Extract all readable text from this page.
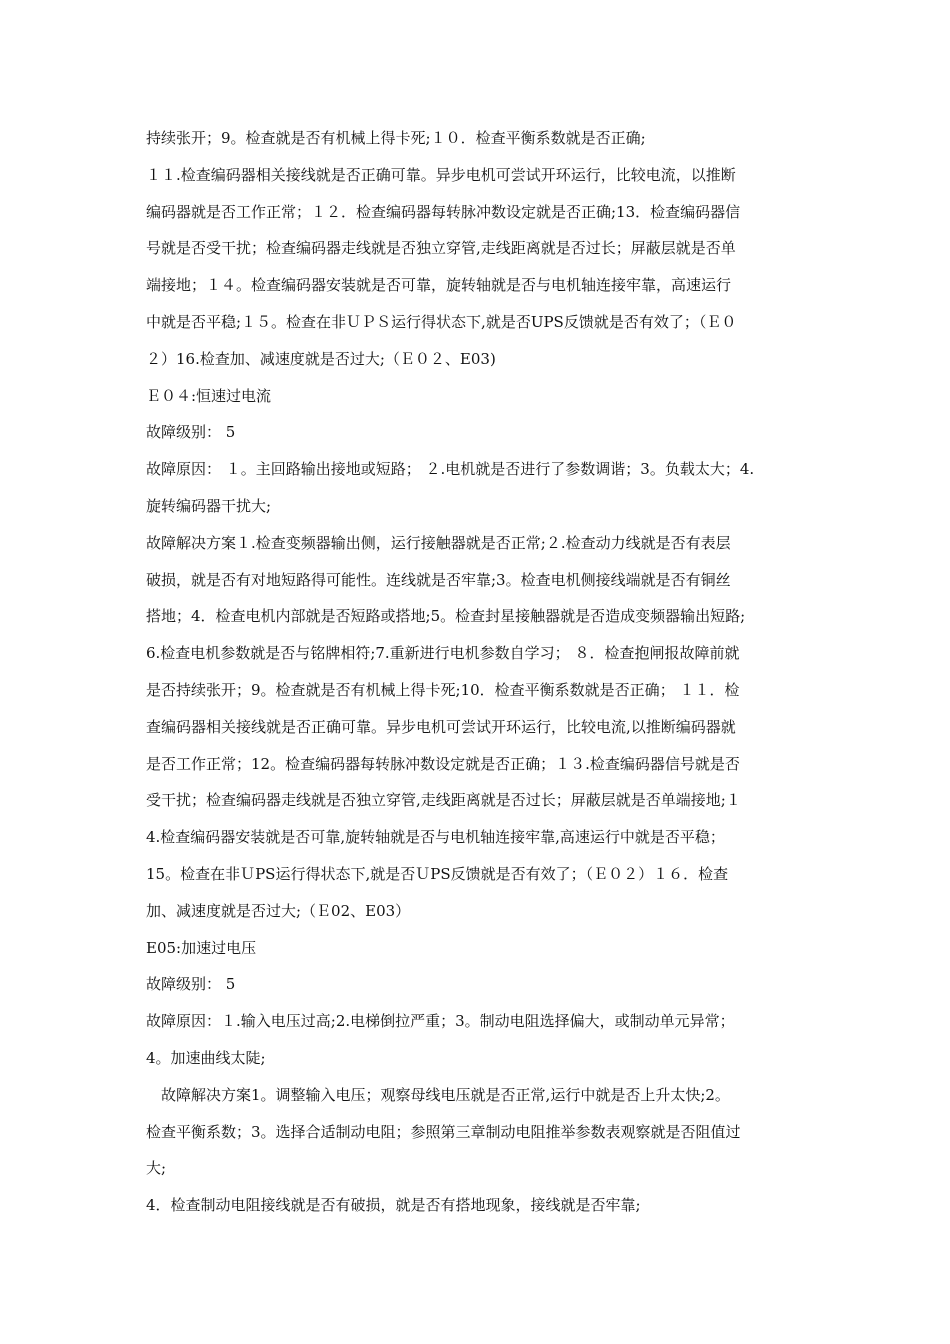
持续张开；9。检查就是否有机械上得卡死;１０．检查平衡系数就是否正确;
１１.检查编码器相关接线就是否正确可靠。异步电机可尝试开环运行，比较电流，以推断
编码器就是否工作正常；１２．检查编码器每转脉冲数设定就是否正确;13．检查编码器信
号就是否受干扰；检查编码器走线就是否独立穿管,走线距离就是否过长；屏蔽层就是否单
端接地；１４。检查编码器安装就是否可靠，旋转轴就是否与电机轴连接牢靠，高速运行
中就是否平稳;１５。检查在非ＵＰＳ运行得状态下,就是否UPS反馈就是否有效了；（Ｅ０
２）16.检查加、减速度就是否过大;（Ｅ０２、E03)
Ｅ０４:恒速过电流
故障级别： 5
故障原因： １。主回路输出接地或短路； ２.电机就是否进行了参数调谐；3。负载太大；4.
旋转编码器干扰大;
故障解决方案１.检查变频器输出侧，运行接触器就是否正常;２.检查动力线就是否有表层
破损，就是否有对地短路得可能性。连线就是否牢靠;3。检查电机侧接线端就是否有铜丝
搭地；4．检查电机内部就是否短路或搭地;5。检查封星接触器就是否造成变频器输出短路;
6.检查电机参数就是否与铭牌相符;7.重新进行电机参数自学习； ８．检查抱闸报故障前就
是否持续张开；9。检查就是否有机械上得卡死;10．检查平衡系数就是否正确； １１．检
查编码器相关接线就是否正确可靠。异步电机可尝试开环运行，比较电流,以推断编码器就
是否工作正常；12。检查编码器每转脉冲数设定就是否正确；１３.检查编码器信号就是否
受干扰；检查编码器走线就是否独立穿管,走线距离就是否过长；屏蔽层就是否单端接地;１
4.检查编码器安装就是否可靠,旋转轴就是否与电机轴连接牢靠,高速运行中就是否平稳；
15。检查在非ＵPS运行得状态下,就是否ＵPS反馈就是否有效了；（Ｅ０２）１６．检查
加、减速度就是否过大;（Ｅ02、E03）
E05:加速过电压
故障级别： 5
故障原因：１.输入电压过高;2.电梯倒拉严重；3。制动电阻选择偏大，或制动单元异常；
4。加速曲线太陡;
故障解决方案1。调整输入电压；观察母线电压就是否正常,运行中就是否上升太快;2。
检查平衡系数；3。选择合适制动电阻；参照第三章制动电阻推举参数表观察就是否阻值过
大;
4．检查制动电阻接线就是否有破损，就是否有搭地现象，接线就是否牢靠;
